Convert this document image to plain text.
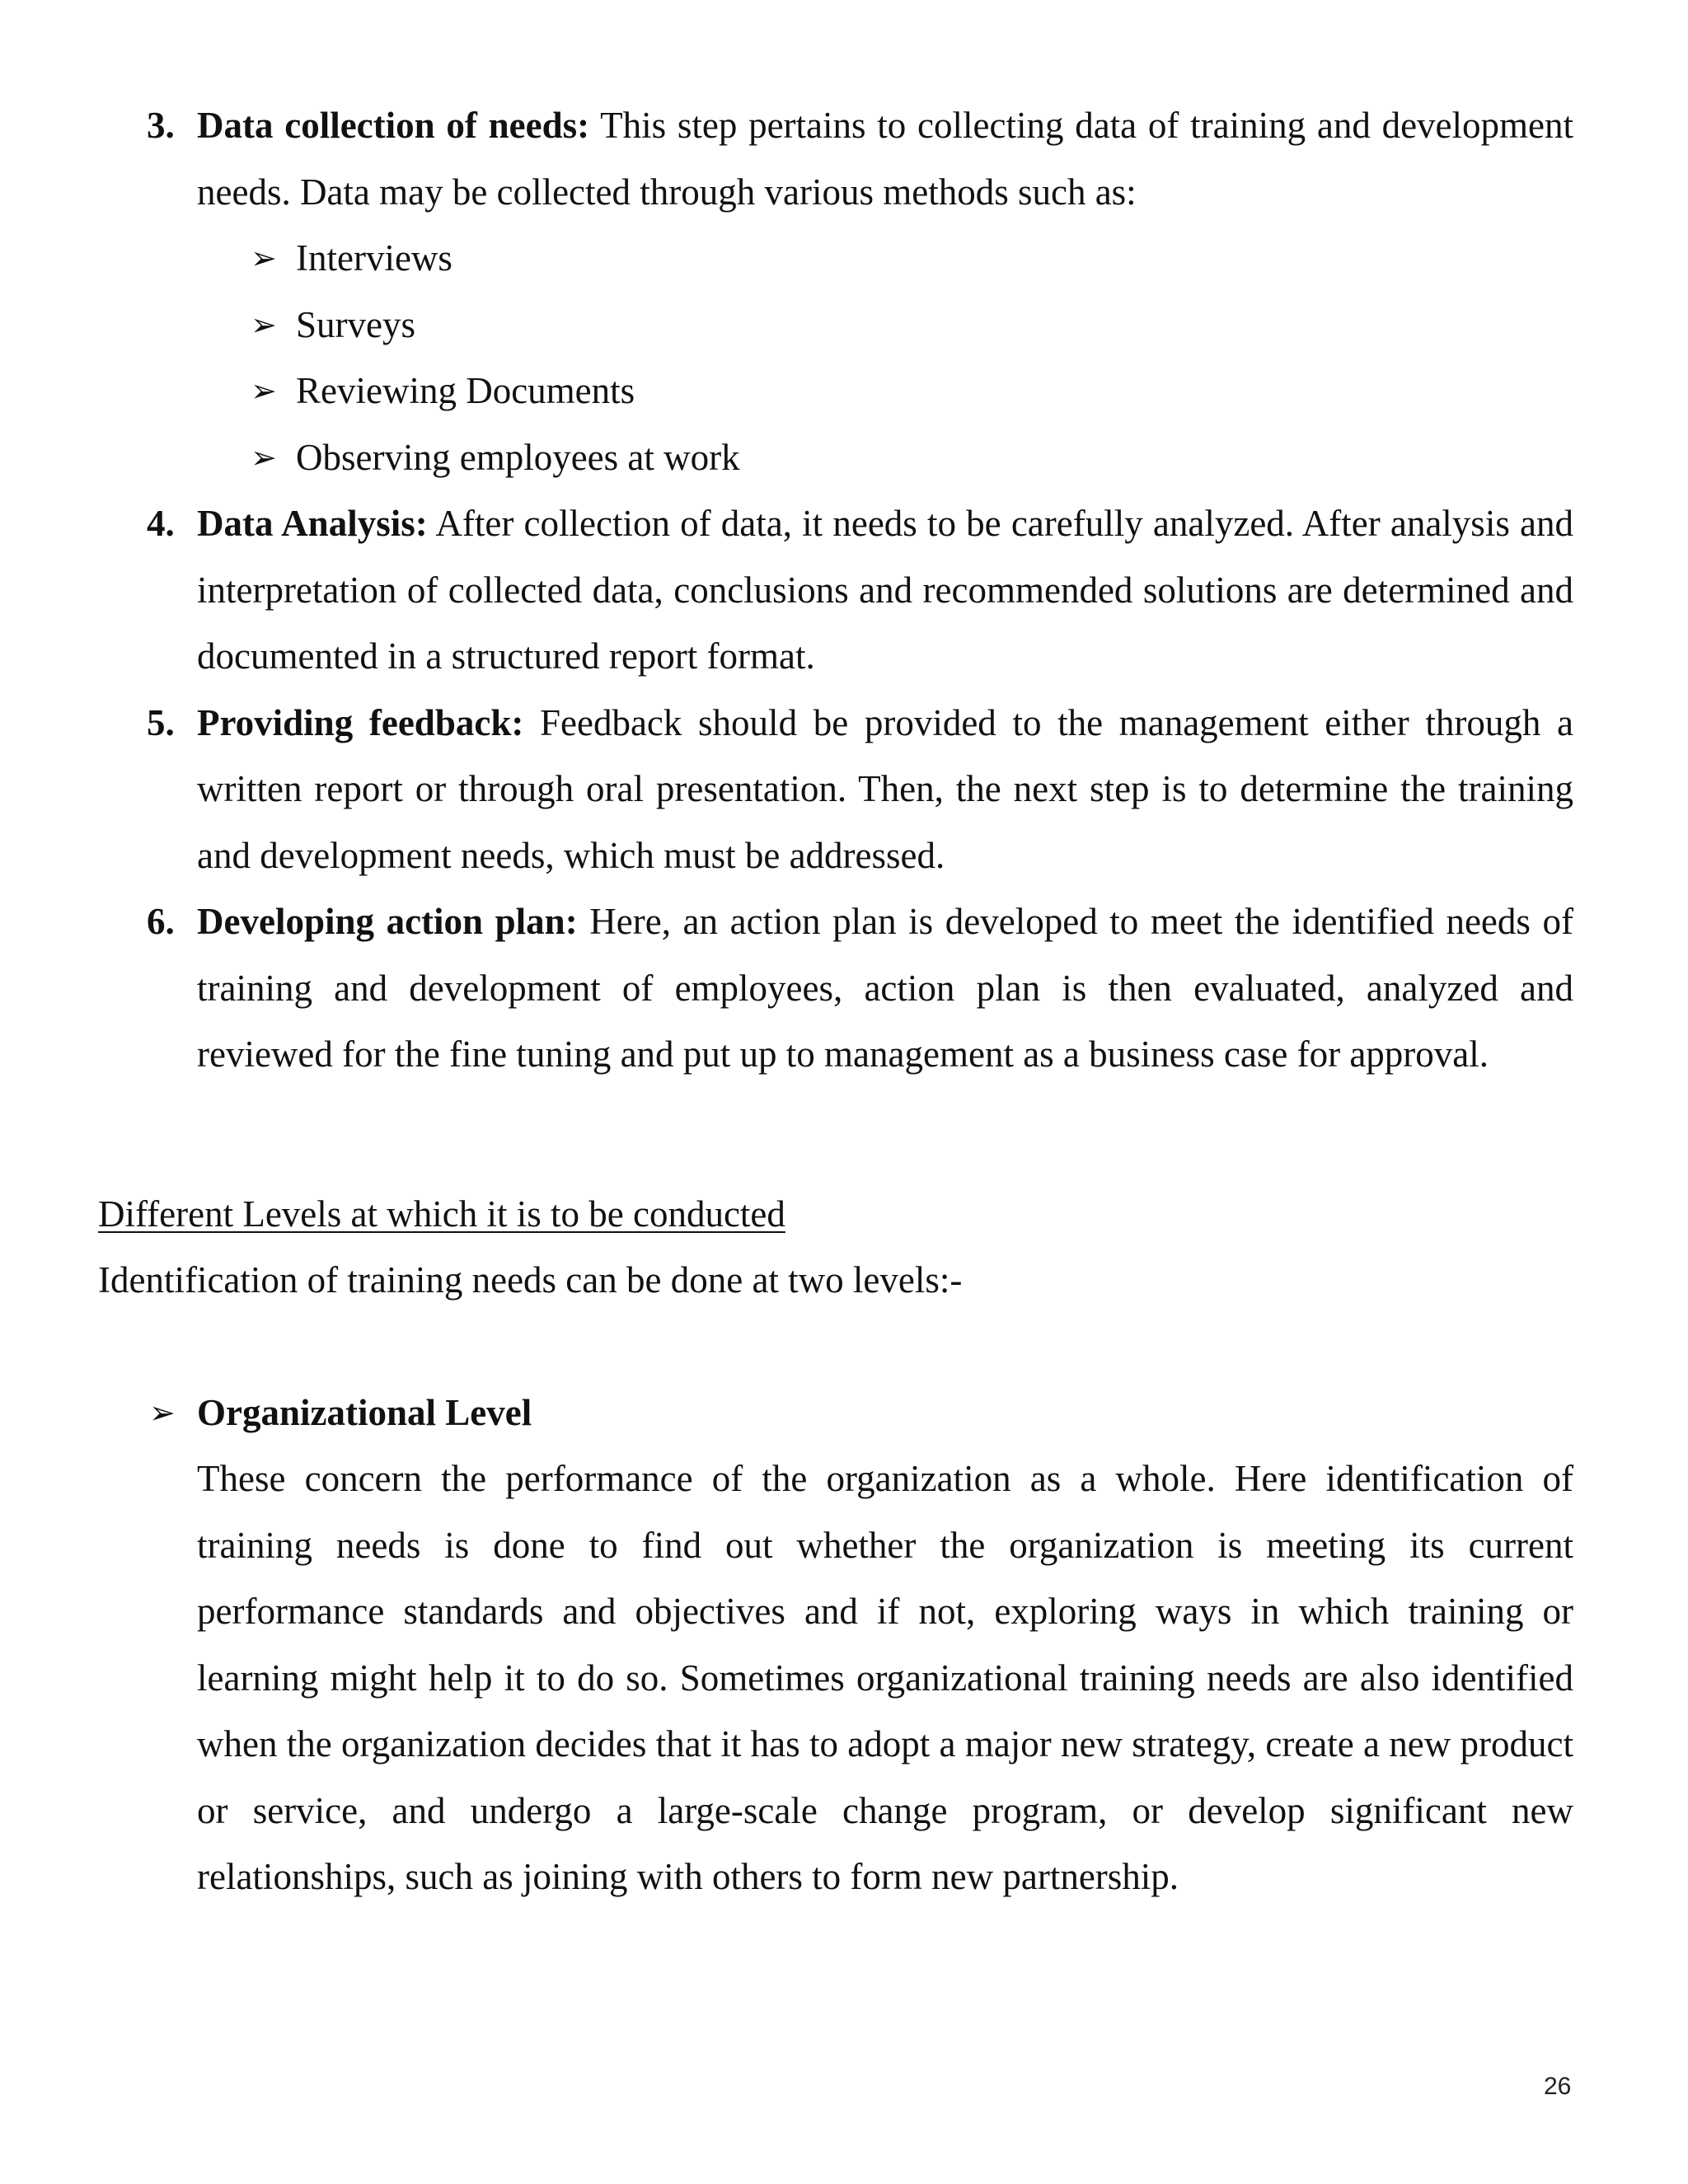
3. Data collection of needs: This step pertains to collecting data of training and development needs. Data may be collected through various methods such as:
➢ Interviews
➢ Surveys
➢ Reviewing Documents
➢ Observing employees at work
4. Data Analysis: After collection of data, it needs to be carefully analyzed. After analysis and interpretation of collected data, conclusions and recommended solutions are determined and documented in a structured report format.
5. Providing feedback: Feedback should be provided to the management either through a written report or through oral presentation. Then, the next step is to determine the training and development needs, which must be addressed.
6. Developing action plan: Here, an action plan is developed to meet the identified needs of training and development of employees, action plan is then evaluated, analyzed and reviewed for the fine tuning and put up to management as a business case for approval.
Different Levels at which it is to be conducted
Identification of training needs can be done at two levels:-
➢ Organizational Level
These concern the performance of the organization as a whole. Here identification of training needs is done to find out whether the organization is meeting its current performance standards and objectives and if not, exploring ways in which training or learning might help it to do so. Sometimes organizational training needs are also identified when the organization decides that it has to adopt a major new strategy, create a new product or service, and undergo a large-scale change program, or develop significant new relationships, such as joining with others to form new partnership.
26
